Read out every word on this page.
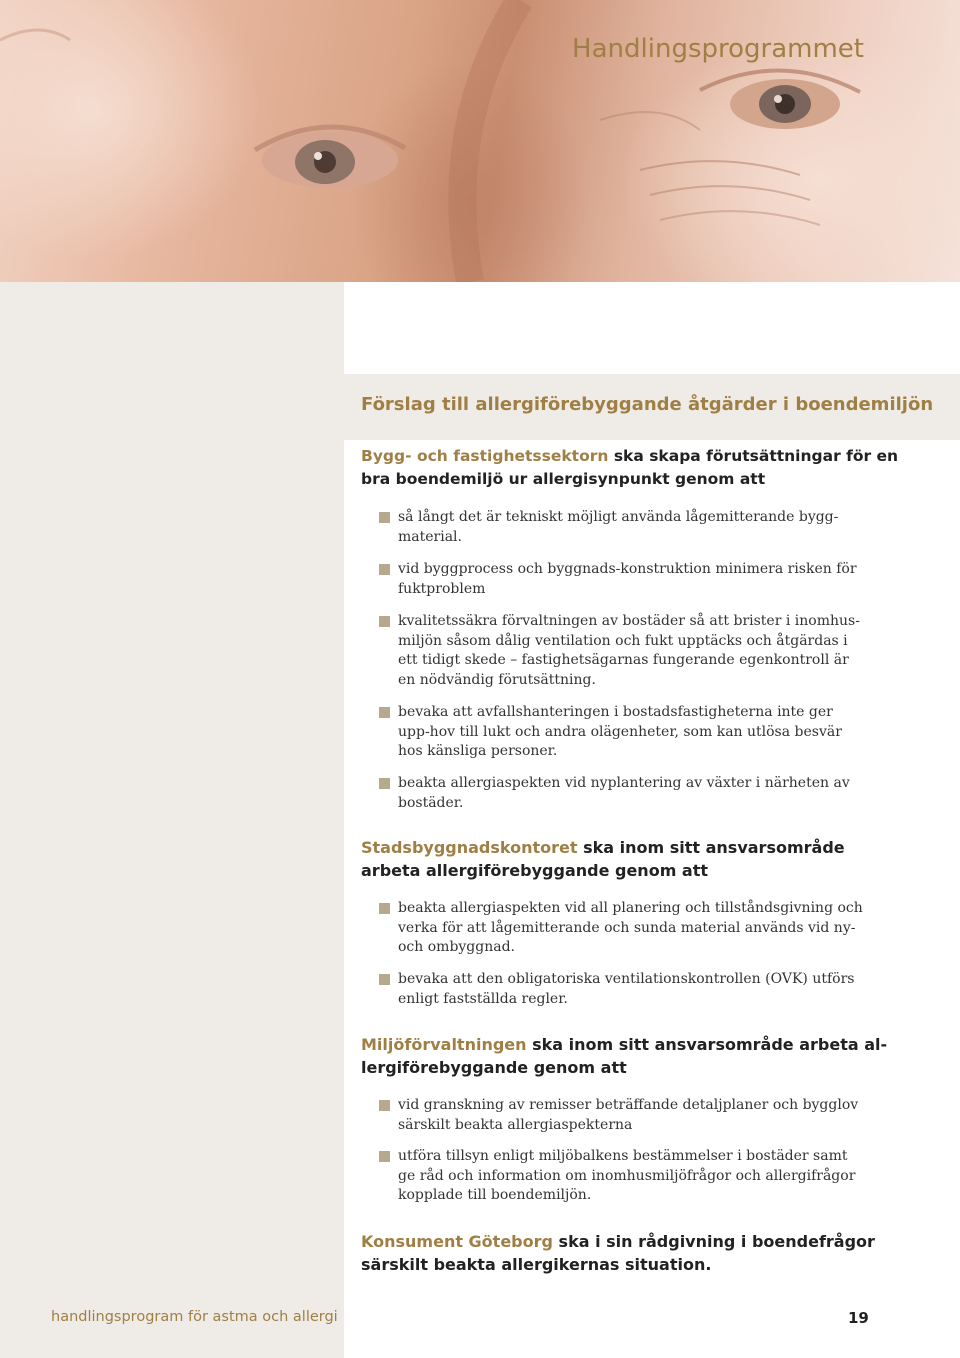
Handlingsprogrammet
Förslag till allergiförebyggande åtgärder i boendemiljön

Bygg- och fastighetssektorn ska skapa förutsättningar för en bra boendemiljö ur allergisynpunkt genom att

så långt det är tekniskt möjligt använda lågemitterande bygg-material.
vid byggprocess och byggnads-konstruktion minimera risken för fuktproblem
kvalitetssäkra förvaltningen av bostäder så att brister i inomhus-miljön såsom dålig ventilation och fukt upptäcks och åtgärdas i ett tidigt skede – fastighetsägarnas fungerande egenkontroll är en nödvändig förutsättning.
bevaka att avfallshanteringen i bostadsfastigheterna inte ger upp-hov till lukt och andra olägenheter, som kan utlösa besvär hos känsliga personer.
beakta allergiaspekten vid nyplantering av växter i närheten av bostäder.

Stadsbyggnadskontoret ska inom sitt ansvarsområde arbeta allergiförebyggande genom att

beakta allergiaspekten vid all planering och tillståndsgivning och verka för att lågemitterande och sunda material används vid ny- och ombyggnad.
bevaka att den obligatoriska ventilationskontrollen (OVK) utförs enligt fastställda regler.

Miljöförvaltningen ska inom sitt ansvarsområde arbeta al-lergiförebyggande genom att

vid granskning av remisser beträffande detaljplaner och bygglov särskilt beakta allergiaspekterna
utföra tillsyn enligt miljöbalkens bestämmelser i bostäder samt ge råd och information om inomhusmiljöfrågor och allergifrågor kopplade till boendemiljön.

Konsument Göteborg ska i sin rådgivning i boendefrågor särskilt beakta allergikernas situation.

handlingsprogram för astma och allergi	19
